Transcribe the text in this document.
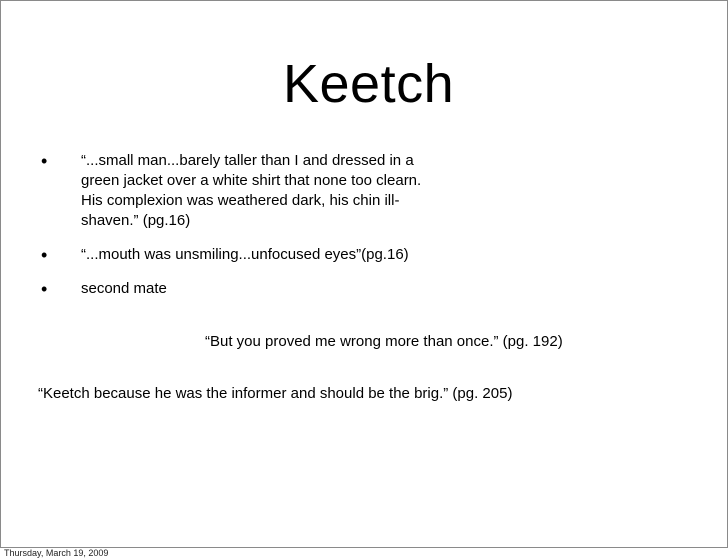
Keetch
•	“...small man...barely taller than I and dressed in a green jacket over a white shirt that none too clearn. His complexion was weathered dark, his chin ill-shaven.” (pg.16)
•	“...mouth was unsmiling...unfocused eyes”(pg.16)
•	second mate
“But you proved me wrong more than once.” (pg. 192)
“Keetch because he was the informer and should be the brig.” (pg. 205)
Thursday, March 19, 2009
